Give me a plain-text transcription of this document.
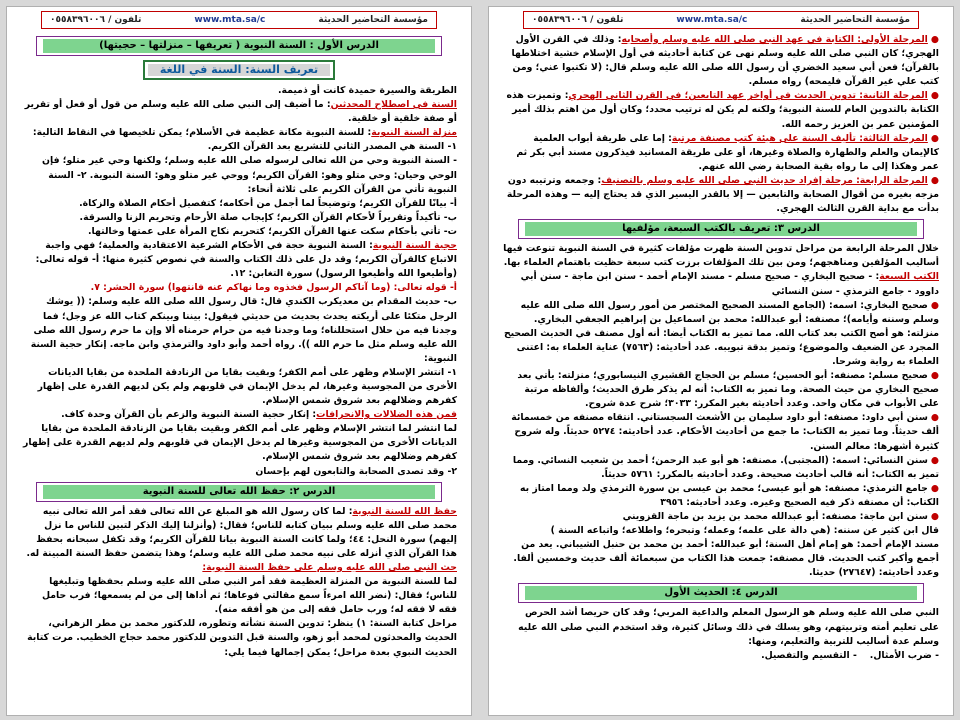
تلفون / ٠٥٥٨٣٩٦٠٠٦	www.mta.sa/c	مؤسسة التحاضير الحديثة
الدرس الأول : السنة النبوية ( تعريفها – منزلتها – حجيتها)
تعريف السنة: السنة في اللغة

الطريقة والسيرة حميدة كانت أو ذميمة.

السنة في اصطلاح المحدثين: ما أضيف إلى النبي صلى الله عليه وسلم من قول أو فعل أو تقرير أو صفة خلقية أو خلقية.

منزلة السنة النبوية: للسنة النبوية مكانة عظيمة في الأسلام؛ يمكن تلخيصها في النقاط التالية: ١- السنة هي المصدر الثاني للتشريع بعد القرآن الكريم.

- السنة النبوية وحي من الله تعالى لرسوله صلى الله عليه وسلم؛ ولكنها وحي غير متلو؛ فإن الوحي وحيان: وحي متلو وهو: القرآن الكريم؛ ووحي غير متلو وهو: السنة النبوية. ٢- السنة النبوية تأتي من القرآن الكريم على ثلاثة أنحاء:

أ- بيانًا للقرآن الكريم؛ وتوضيحاً لما أجمل من أحكامه؛ كتفصيل أحكام الصلاة والزكاة.

ب- تأكيداً وتقريراً لأحكام القرآن الكريم؛ كإيجاب صلة الأرحام وتحريم الزنا والسرقة.

ت- تأتي بأحكام سكت عنها القرآن الكريم؛ كتحريم نكاح المرأة على عمتها وخالتها.

حجية السنة النبوية: السنة النبوية حجة في الأحكام الشرعية الاعتقادية والعملية؛ فهي واجبة الاتباع كالقرآن الكريم؛ وقد دل على ذلك الكتاب والسنة في نصوص كثيرة منها: أ- قوله تعالى: (وأطيعوا الله وأطيعوا الرسول) سورة التغابن: ١٢.

أ- قوله تعالى: (وما آتاكم الرسول فخذوه وما نهاكم عنه فانتهوا) سورة الحشر: ٧.

ب- حديث المقدام بن معديكرب الكندي قال: قال رسول الله صلى الله عليه وسلم: (( يوشك الرجل متكئا على أريكته يحدث بحديث من حديثي فيقول: بيننا وبينكم كتاب الله عز وجل؛ فما وجدنا فيه من حلال استحللناه؛ وما وجدنا فيه من حرام حرمناه ألا وإن ما حرم رسول الله صلى الله عليه وسلم مثل ما حرم الله )). رواه أحمد وأبو داود والترمذي وابن ماجه. إنكار حجية السنة النبوية:

١- انتشر الإسلام وظهر على أمم الكفر؛ وبقيت بقايا من الزنادقة الملحدة من بقايا الديانات الأخرى من المجوسية وغيرها، لم يدخل الإيمان في قلوبهم ولم يكن لديهم القدرة على إظهار كفرهم وضلالهم بعد شروق شمس الإسلام.

فمن هذه الضلالات والانحرافات: إنكار حجية السنة النبوية والزعم بأن القرآن وحدة كاف.

لما انتشر لما انتشر الإسلام وظهر على أمم الكفر وبقيت بقايا من الزنادقة الملحدة من بقايا الديانات الأخرى من المجوسية وغيرها لم يدخل الإيمان في قلوبهم ولم لديهم القدرة على إظهار كفرهم وضلالهم بعد شروق شمس الإسلام.

٢- وقد تصدى الصحابة والتابعون لهم بإحسان

الدرس ٢: حفظ الله تعالى للسنة النبوية

حفظ الله للسنة النبوية: لما كان رسول الله هو المبلغ عن الله تعالى فقد أمر الله تعالى نبيه محمد صلى الله عليه وسلم ببيان كتابه للناس؛ فقال: (وأنزلنا إليك الذكر لتبين للناس ما نزل إليهم) سورة النحل: ٤٤؛ ولما كانت السنة النبوية بيانا للقرآن الكريم؛ وقد تكفل سبحانه بحفظ هذا القرآن الذي أنزله على نبيه محمد صلى الله عليه وسلم؛ وهذا يتضمن حفظ السنة المبينة له.

حث النبي صلى الله عليه وسلم على حفظ السنة النبوية:

لما للسنة النبوية من المنزلة العظيمة فقد أمر النبي صلى الله عليه وسلم بحفظها وتبليغها للناس؛ فقال: (نضر الله امرءاً سمع مقالتي فوعاها؛ ثم أداها إلى من لم يسمعها؛ فرب حامل فقه لا فقه له؛ ورب حامل فقه إلى من هو أفقه منه).

مراحل كتابة السنة: ١) ينظر: تدوين السنة نشأته وتطوره، للدكتور محمد بن مطر الزهراني، الحديث والمحدثون لمحمد أبو زهو، والسنة قبل التدوين للدكتور محمد حجاج الخطيب. مرت كتابة الحديث النبوي بعدة مراحل؛ يمكن إجمالها فيما يلي:

تلفون / ٠٥٥٨٣٩٦٠٠٦	www.mta.sa/c	مؤسسة التحاضير الحديثة

●المرحلة الأولى: الكتابة في عهد النبي صلى الله عليه وسلم وأصحابه: وذلك في القرن الأول الهجري؛ كان النبي صلى الله عليه وسلم نهى عن كتابة أحاديثه في أول الإسلام خشية اختلاطها بالقرآن؛ فعن أبي سعيد الخضري أن رسول الله صلى الله عليه وسلم قال: (لا تكتبوا عني؛ ومن كتب علي غير القرآن فليمحه) رواه مسلم.

●المرحلة الثانية: تدوين الحديث في أواخر عهد التابعين؛ في القرن الثاني الهجري: وتميزت هذه الكتابة بالتدوين العام للسنة النبوية؛ ولكنه لم يكن له ترتيب محدد؛ وكان أول من اهتم بذلك أمير المؤمنين عمر بن العزيز رحمه الله.

●المرحلة الثالثة: تأليف السنة على هيئة كتب مصنفة مرتبة: إما على طريقة أبواب العلمية كالإيمان والعلم والطهارة والصلاة وغيرها، أو على طريقة المسانيد فيذكرون مسند أبي بكر ثم عمر وهكذا إلى ما رواه بقية الصحابة رضي الله عنهم.

●المرحلة الرابعة: مرحلة إفراد حديث النبي صلى الله عليه وسلم بالتصنيف: وجمعه وترتيبه دون مزجه بغيره من أقوال الصحابة والتابعين — إلا بالقدر اليسير الذي قد يحتاج إليه — وهذه المرحلة بدأت مع بداية القرن الثالث الهجري.

الدرس ٣: تعريف بالكتب السبعة، مؤلفيها

خلال المرحلة الرابعة من مراحل تدوين السنة ظهرت مؤلفات كثيرة في السنة النبوية تنوعت فيها أساليب المؤلفين ومناهجهم؛ ومن بين تلك المؤلفات برزت كتب سبعة حظيت باهتمام العلماء بها.

الكتب السبعة: - صحيح البخاري - صحيح مسلم - مسند الإمام أحمد - سنن ابن ماجة - سنن أبي داوود - جامع الترمذي - سنن النسائي

●صحيح البخاري: اسمه: (الجامع المسند الصحيح المختصر من أمور رسول الله صلى الله عليه وسلم وسننه وأيامه)؛ مصنفه: أبو عبدالله: محمد بن اسماعيل بن إبراهيم الجعفي البخاري. منزلته: هو أصح الكتب بعد كتاب الله. مما تميز به الكتاب أيضا: أنه أول مصنف في الحديث الصحيح المجرد عن الضعيف والموضوع؛ وتميز بدقة تبويبه. عدد أحاديثه: (٧٥٦٣) عناية العلماء به: اعتنى العلماء به رواية وشرحا.

●صحيح مسلم: مصنفه: أبو الحسين؛ مسلم بن الحجاج القشيري النيسابوري؛ منزلته: يأتي بعد صحيح البخاري من حيث الصحة. وما تميز به الكتاب: أنه لم يذكر طرق الحديث؛ وألفاظه مرتبة على الأبواب في مكان واحد. وعدد أحاديثه بغير المكرر: ٣٠٣٣؛ شرح عدة شروح.

●سنن أبي داود: مصنفه: أبو داود سليمان بن الأشعث السجستاني. انتقاه مصنفه من خمسمائة ألف حديثاً. وما تميز به الكتاب: ما جمع من أحاديث الأحكام. عدد أحاديثه: ٥٢٧٤ حديثاً. وله شروح كثيرة أشهرها: معالم السنن.

●سنن النسائي: اسمه: (المجتبى). مصنفه: هو أبو عبد الرحمن؛ أحمد بن شعيب النسائي. ومما تميز به الكتاب: أنه قالب أحاديث صحيحة. وعدد أحاديثه بالمكرر: ٥٧٦١ حديثاً.

●جامع الترمذي: مصنفه: هو أبو عيسى؛ محمد بن عيسى بن سورة الترمذي ولد ومما امتاز به الكتاب: أن مصنفه ذكر فيه الصحيح وغيره. وعدد أحاديثه: ٣٩٥٦

●سنن ابن ماجة: مصنفه: أبو عبدالله محمد بن يزيد بن ماجة القزويني

قال ابن كثير عن سننه: (هي دالة على علمه؛ وعمله؛ وتبحره؛ واطلاعه؛ واتباعه السنة )

مسند الإمام أحمد: هو إمام أهل السنة؛ أبو عبدالله: أحمد بن محمد بن حنبل الشيباني. يعد من أجمع وأكبر كتب الحديث. قال مصنفه: جمعت هذا الكتاب من سبعمائة ألف حديث وخمسين ألفا. وعدد أحاديثه: (٢٧٦٤٧) حديثا.

الدرس ٤: الحديث الأول

النبي صلى الله عليه وسلم هو الرسول المعلم والداعية المربي؛ وقد كان حريصا أشد الحرص على تعليم أمته وتربيتهم، وهو يسلك في ذلك وسائل كثيرة، وقد استخدم النبي صلى الله عليه وسلم عدة أساليب للتربية والتعليم، ومنها:

- ضرب الأمثال.    - التقسيم والتفصيل.
